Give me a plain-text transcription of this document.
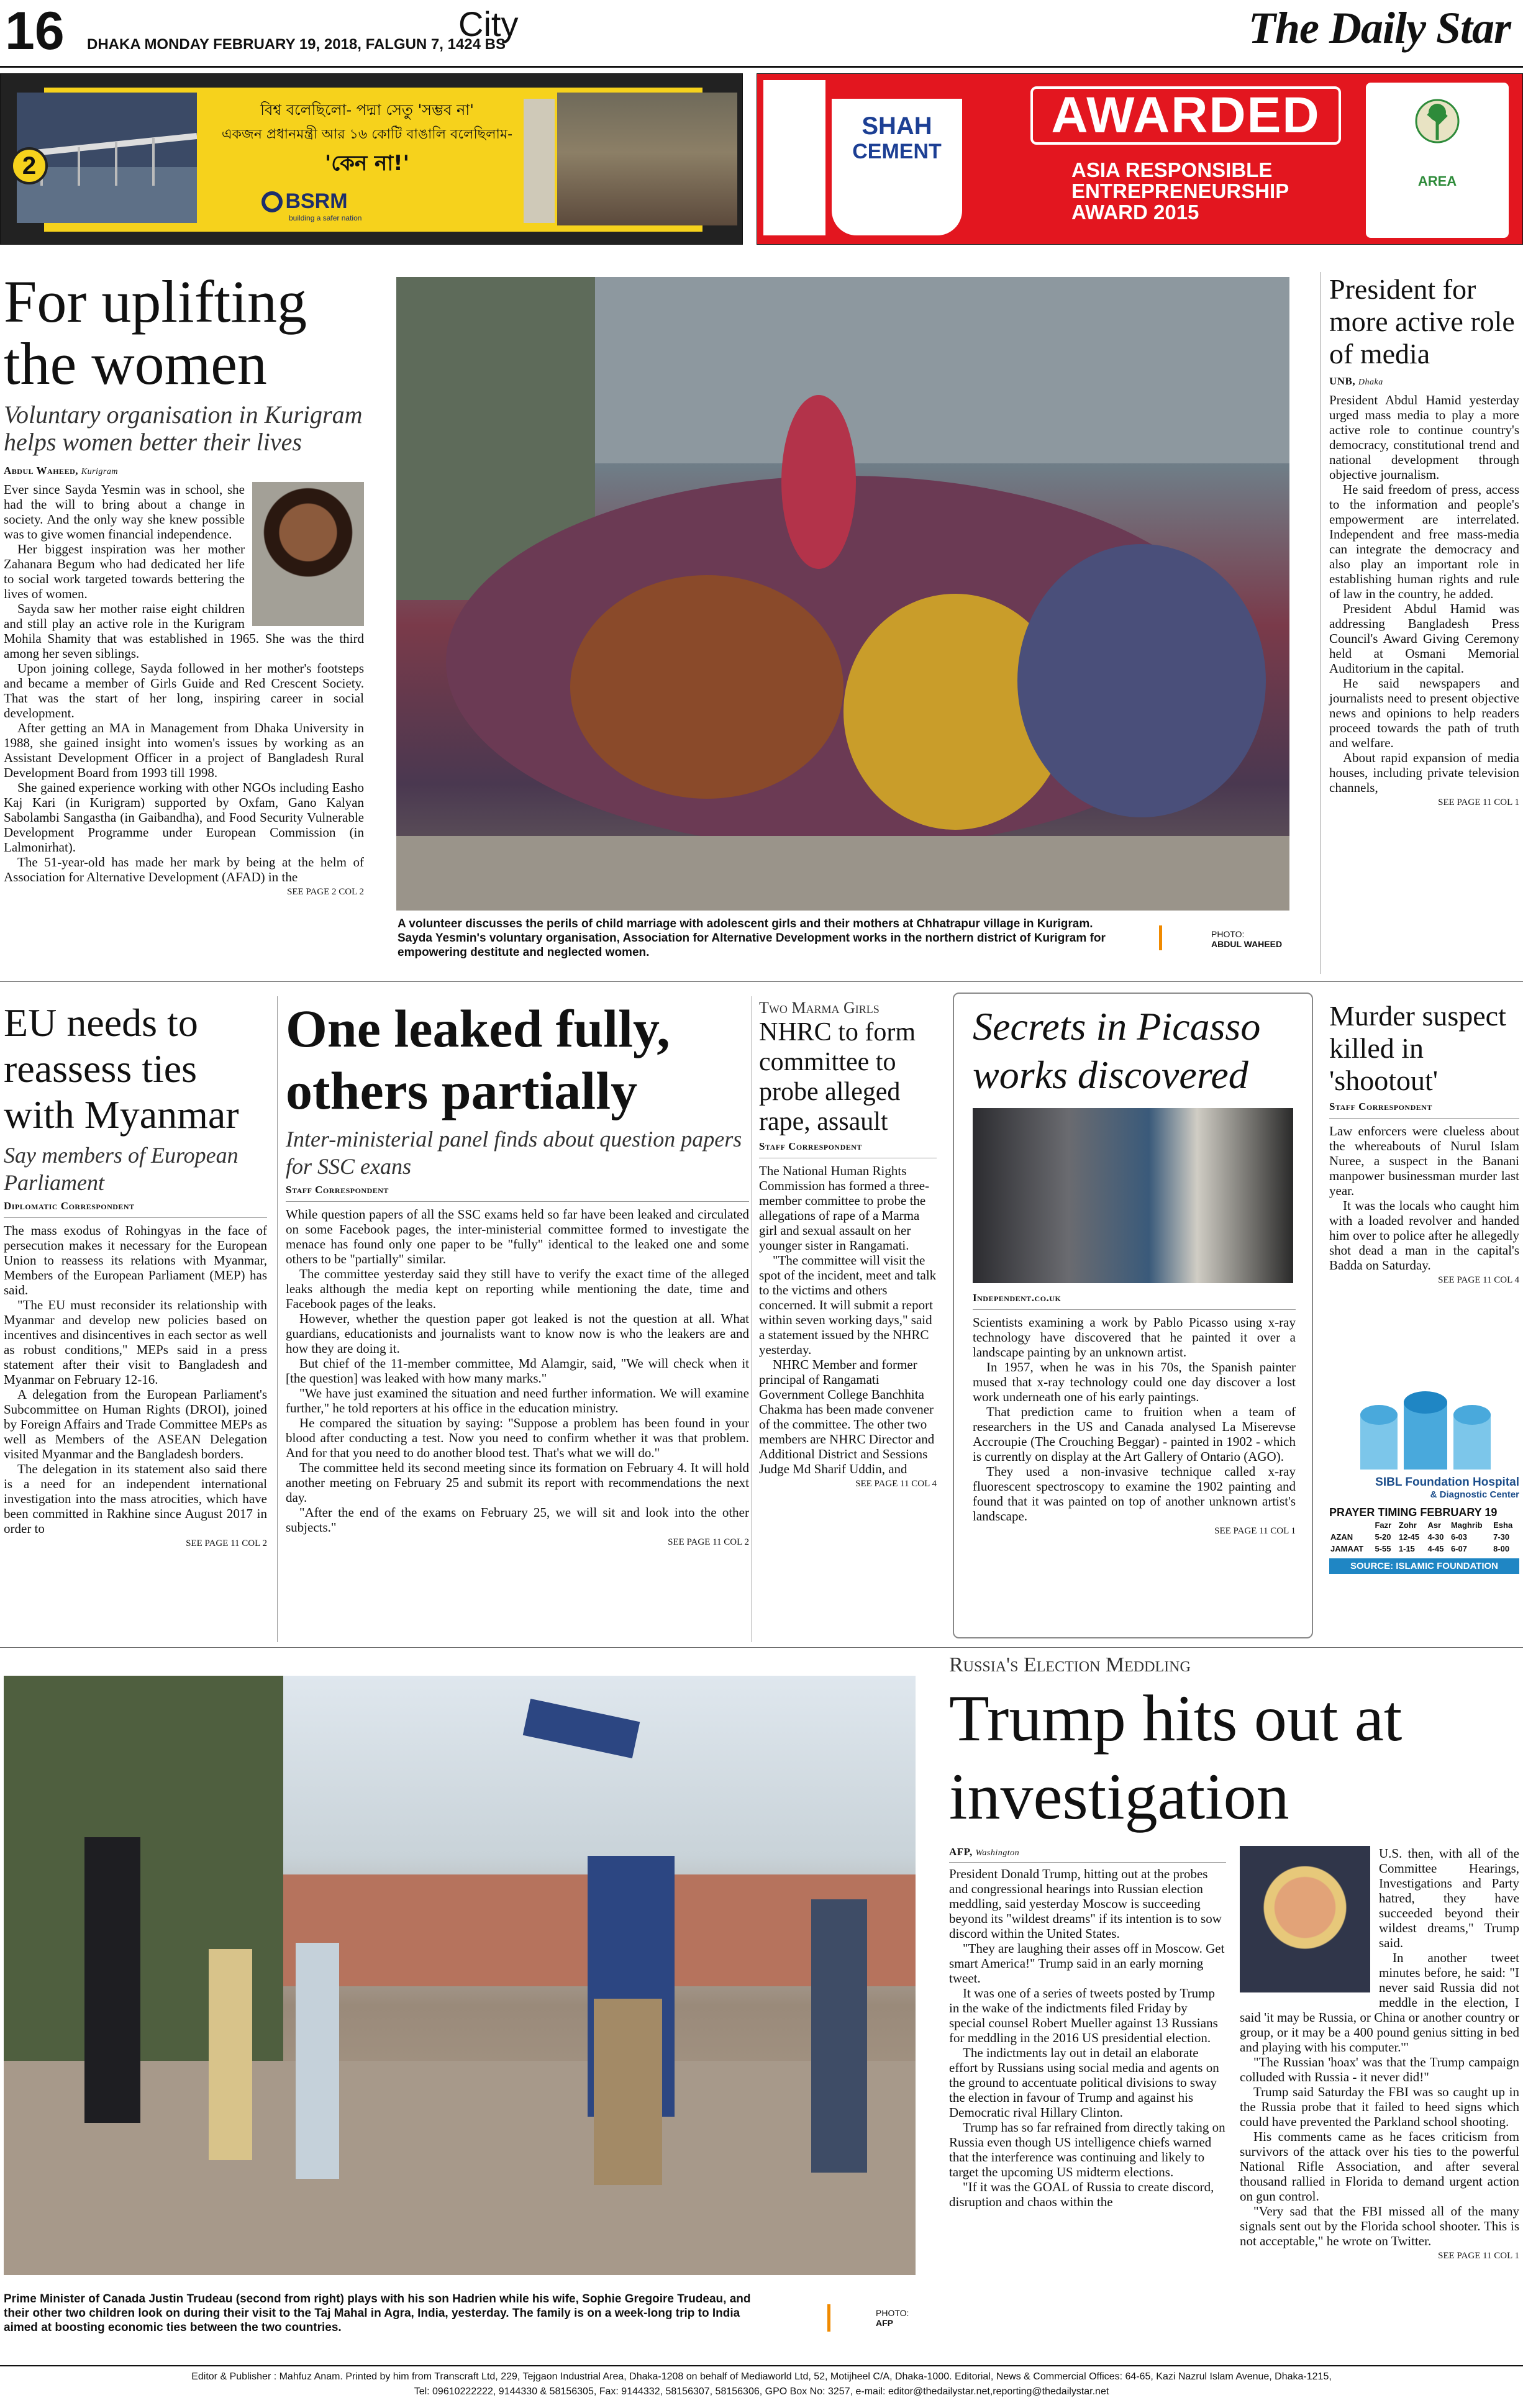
16 DHAKA MONDAY FEBRUARY 19, 2018, FALGUN 7, 1424 BS
City	The Daily Star
2
বিশ্ব বলেছিলো- পদ্মা সেতু 'সম্ভব না'
একজন প্রধানমন্ত্রী আর ১৬ কোটি বাঙালি বলেছিলাম-
'কেন না!'
BSRM
building a safer nation
SHAH
CEMENT
AWARDED
ASIA RESPONSIBLE
ENTREPRENEURSHIP
AWARD 2015
AREA
For uplifting the women
Voluntary organisation in Kurigram helps women better their lives
Abdul Waheed, Kurigram

Ever since Sayda Yesmin was in school, she had the will to bring about a change in society. And the only way she knew possible was to give women financial independence.

Her biggest inspiration was her mother Zahanara Begum who had dedicated her life to social work targeted towards bettering the lives of women.

Sayda saw her mother raise eight children and still play an active role in the Kurigram Mohila Shamity that was established in 1965. She was the third among her seven siblings.

Upon joining college, Sayda followed in her mother's footsteps and became a member of Girls Guide and Red Crescent Society. That was the start of her long, inspiring career in social development.

After getting an MA in Management from Dhaka University in 1988, she gained insight into women's issues by working as an Assistant Development Officer in a project of Bangladesh Rural Development Board from 1993 till 1998.

She gained experience working with other NGOs including Easho Kaj Kari (in Kurigram) supported by Oxfam, Gano Kalyan Sabolambi Sangastha (in Gaibandha), and Food Security Vulnerable Development Programme under European Commission (in Lalmonirhat).

The 51-year-old has made her mark by being at the helm of Association for Alternative Development (AFAD) in the

SEE PAGE 2 COL 2
A volunteer discusses the perils of child marriage with adolescent girls and their mothers at Chhatrapur village in Kurigram. Sayda Yesmin's voluntary organisation, Association for Alternative Development works in the northern district of Kurigram for empowering destitute and neglected women.
PHOTO:
ABDUL WAHEED
President for more active role of media
UNB, Dhaka

President Abdul Hamid yesterday urged mass media to play a more active role to continue country's democracy, constitutional trend and national development through objective journalism.

He said freedom of press, access to the information and people's empowerment are interrelated. Independent and free mass-media can integrate the democracy and also play an important role in establishing human rights and rule of law in the country, he added.

President Abdul Hamid was addressing Bangladesh Press Council's Award Giving Ceremony held at Osmani Memorial Auditorium in the capital.

He said newspapers and journalists need to present objective news and opinions to help readers proceed towards the path of truth and welfare.

About rapid expansion of media houses, including private television channels,

SEE PAGE 11 COL 1
EU needs to reassess ties with Myanmar
Say members of European Parliament
Diplomatic Correspondent

The mass exodus of Rohingyas in the face of persecution makes it necessary for the European Union to reassess its relations with Myanmar, Members of the European Parliament (MEP) has said.

"The EU must reconsider its relationship with Myanmar and develop new policies based on incentives and disincentives in each sector as well as robust conditions," MEPs said in a press statement after their visit to Bangladesh and Myanmar on February 12-16.

A delegation from the European Parliament's Subcommittee on Human Rights (DROI), joined by Foreign Affairs and Trade Committee MEPs as well as Members of the ASEAN Delegation visited Myanmar and the Bangladesh borders.

The delegation in its statement also said there is a need for an independent international investigation into the mass atrocities, which have been committed in Rakhine since August 2017 in order to

SEE PAGE 11 COL 2
One leaked fully, others partially
Inter-ministerial panel finds about question papers for SSC exans
Staff Correspondent

While question papers of all the SSC exams held so far have been leaked and circulated on some Facebook pages, the inter-ministerial committee formed to investigate the menace has found only one paper to be "fully" identical to the leaked one and some others to be "partially" similar.

The committee yesterday said they still have to verify the exact time of the alleged leaks although the media kept on reporting while mentioning the date, time and Facebook pages of the leaks.

However, whether the question paper got leaked is not the question at all. What guardians, educationists and journalists want to know now is who the leakers are and how they are doing it.

But chief of the 11-member committee, Md Alamgir, said, "We will check when it [the question] was leaked with how many marks."

"We have just examined the situation and need further information. We will examine further," he told reporters at his office in the education ministry.

He compared the situation by saying: "Suppose a problem has been found in your blood after conducting a test. Now you need to confirm whether it was that problem. And for that you need to do another blood test. That's what we will do."

The committee held its second meeting since its formation on February 4. It will hold another meeting on February 25 and submit its report with recommendations the next day.

"After the end of the exams on February 25, we will sit and look into the other subjects."

SEE PAGE 11 COL 2
Two Marma Girls
NHRC to form committee to probe alleged rape, assault
Staff Correspondent

The National Human Rights Commission has formed a three-member committee to probe the allegations of rape of a Marma girl and sexual assault on her younger sister in Rangamati.

"The committee will visit the spot of the incident, meet and talk to the victims and others concerned. It will submit a report within seven working days," said a statement issued by the NHRC yesterday.

NHRC Member and former principal of Rangamati Government College Banchhita Chakma has been made convener of the committee. The other two members are NHRC Director and Additional District and Sessions Judge Md Sharif Uddin, and

SEE PAGE 11 COL 4
Secrets in Picasso works discovered
Independent.co.uk

Scientists examining a work by Pablo Picasso using x-ray technology have discovered that he painted it over a landscape painting by an unknown artist.

In 1957, when he was in his 70s, the Spanish painter mused that x-ray technology could one day discover a lost work underneath one of his early paintings.

That prediction came to fruition when a team of researchers in the US and Canada analysed La Miserevse Accroupie (The Crouching Beggar) - painted in 1902 - which is currently on display at the Art Gallery of Ontario (AGO).

They used a non-invasive technique called x-ray fluorescent spectroscopy to examine the 1902 painting and found that it was painted on top of another unknown artist's landscape.

SEE PAGE 11 COL 1
Murder suspect killed in 'shootout'
Staff Correspondent

Law enforcers were clueless about the whereabouts of Nurul Islam Nuree, a suspect in the Banani manpower businessman murder last year.

It was the locals who caught him with a loaded revolver and handed him over to police after he allegedly shot dead a man in the capital's Badda on Saturday.

SEE PAGE 11 COL 4
SIBL Foundation Hospital
& Diagnostic Center
PRAYER TIMING FEBRUARY 19
	Fazr	Zohr	Asr	Maghrib	Esha
AZAN	5-20	12-45	4-30	6-03	7-30
JAMAAT	5-55	1-15	4-45	6-07	8-00
SOURCE: ISLAMIC FOUNDATION
Prime Minister of Canada Justin Trudeau (second from right) plays with his son Hadrien while his wife, Sophie Gregoire Trudeau, and their other two children look on during their visit to the Taj Mahal in Agra, India, yesterday. The family is on a week-long trip to India aimed at boosting economic ties between the two countries.
PHOTO:
AFP
Russia's Election Meddling
Trump hits out at investigation
AFP, Washington

President Donald Trump, hitting out at the probes and congressional hearings into Russian election meddling, said yesterday Moscow is succeeding beyond its "wildest dreams" if its intention is to sow discord within the United States.

"They are laughing their asses off in Moscow. Get smart America!" Trump said in an early morning tweet.

It was one of a series of tweets posted by Trump in the wake of the indictments filed Friday by special counsel Robert Mueller against 13 Russians for meddling in the 2016 US presidential election.

The indictments lay out in detail an elaborate effort by Russians using social media and agents on the ground to accentuate political divisions to sway the election in favour of Trump and against his Democratic rival Hillary Clinton.

Trump has so far refrained from directly taking on Russia even though US intelligence chiefs warned that the interference was continuing and likely to target the upcoming US midterm elections.

"If it was the GOAL of Russia to create discord, disruption and chaos within the

U.S. then, with all of the Committee Hearings, Investigations and Party hatred, they have succeeded beyond their wildest dreams," Trump said.

In another tweet minutes before, he said: "I never said Russia did not meddle in the election, I said 'it may be Russia, or China or another country or group, or it may be a 400 pound genius sitting in bed and playing with his computer.'"

"The Russian 'hoax' was that the Trump campaign colluded with Russia - it never did!"

Trump said Saturday the FBI was so caught up in the Russia probe that it failed to heed signs which could have prevented the Parkland school shooting.

His comments came as he faces criticism from survivors of the attack over his ties to the powerful National Rifle Association, and after several thousand rallied in Florida to demand urgent action on gun control.

"Very sad that the FBI missed all of the many signals sent out by the Florida school shooter. This is not acceptable," he wrote on Twitter.

SEE PAGE 11 COL 1
Editor & Publisher : Mahfuz Anam. Printed by him from Transcraft Ltd, 229, Tejgaon Industrial Area, Dhaka-1208 on behalf of Mediaworld Ltd, 52, Motijheel C/A, Dhaka-1000. Editorial, News & Commercial Offices: 64-65, Kazi Nazrul Islam Avenue, Dhaka-1215,
Tel: 09610222222, 9144330 & 58156305, Fax: 9144332, 58156307, 58156306, GPO Box No: 3257, e-mail: editor@thedailystar.net,reporting@thedailystar.net
